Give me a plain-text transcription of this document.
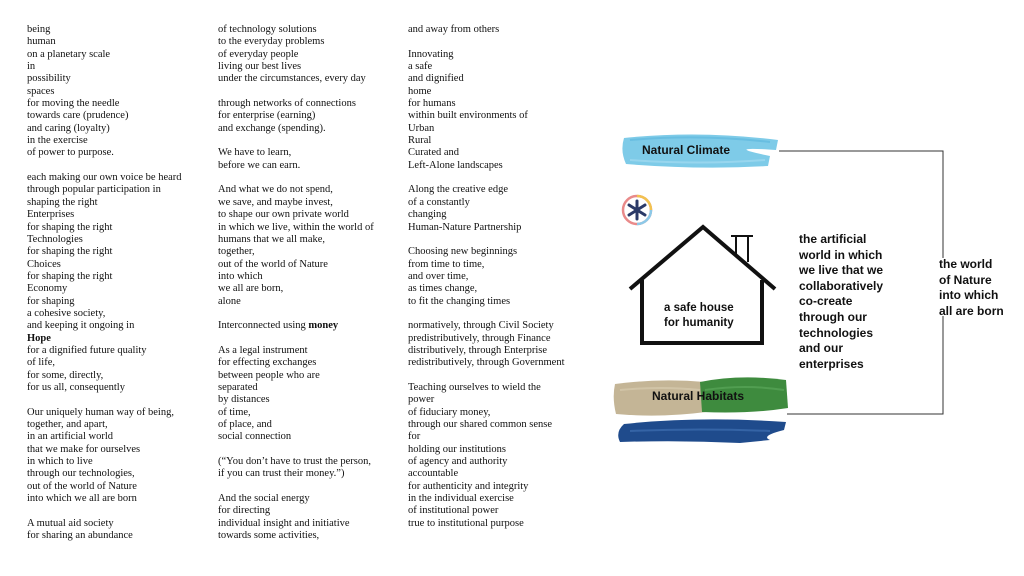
being
human
on a planetary scale
in
possibility
spaces
for moving the needle
towards care (prudence)
and caring (loyalty)
in the exercise
of power to purpose.
each making our own voice be heard
through popular participation in
shaping the right
Enterprises
for shaping the right
Technologies
for shaping the right
Choices
for shaping the right
Economy
for shaping
a cohesive society,
and keeping it ongoing in
Hope
for a dignified future quality
of life,
for some, directly,
for us all, consequently
Our uniquely human way of being,
together, and apart,
in an artificial world
that we make for ourselves
in which to live
through our technologies,
out of the world of Nature
into which we all are born
A mutual aid society
for sharing an abundance
of technology solutions
to the everyday problems
of everyday people
living our best lives
under the circumstances, every day
through networks of connections
for enterprise (earning)
and exchange (spending).
We have to learn,
before we can earn.
And what we do not spend,
we save, and maybe invest,
to shape our own private world
in which we live, within the world of
humans that we all make,
together,
out of the world of Nature
into which
we all are born,
alone
Interconnected using money
As a legal instrument
for effecting exchanges
between people who are
separated
by distances
of time,
of place, and
social connection
(“You don’t have to trust the person,
if you can trust their money.”)
And the social energy
for directing
individual insight and initiative
towards some activities,
and away from others
Innovating
a safe
and dignified
home
for humans
within built environments of
Urban
Rural
Curated and
Left-Alone landscapes
Along the creative edge
of a constantly
changing
Human-Nature Partnership
Choosing new beginnings
from time to time,
and over time,
as times change,
to fit the changing times
normatively, through Civil Society
predistributively, through Finance
distributively, through Enterprise
redistributively, through Government
Teaching ourselves to wield the
power
of fiduciary money,
through our shared common sense
for
holding our institutions
of agency and authority
accountable
for authenticity and integrity
in the individual exercise
of institutional power
true to institutional purpose
Natural Climate
Natural Habitats
a safe house
for humanity
the artificial
world in which
we live that we
collaboratively
co-create
through our
technologies
and our
enterprises
the world
of Nature
into which
all are born
